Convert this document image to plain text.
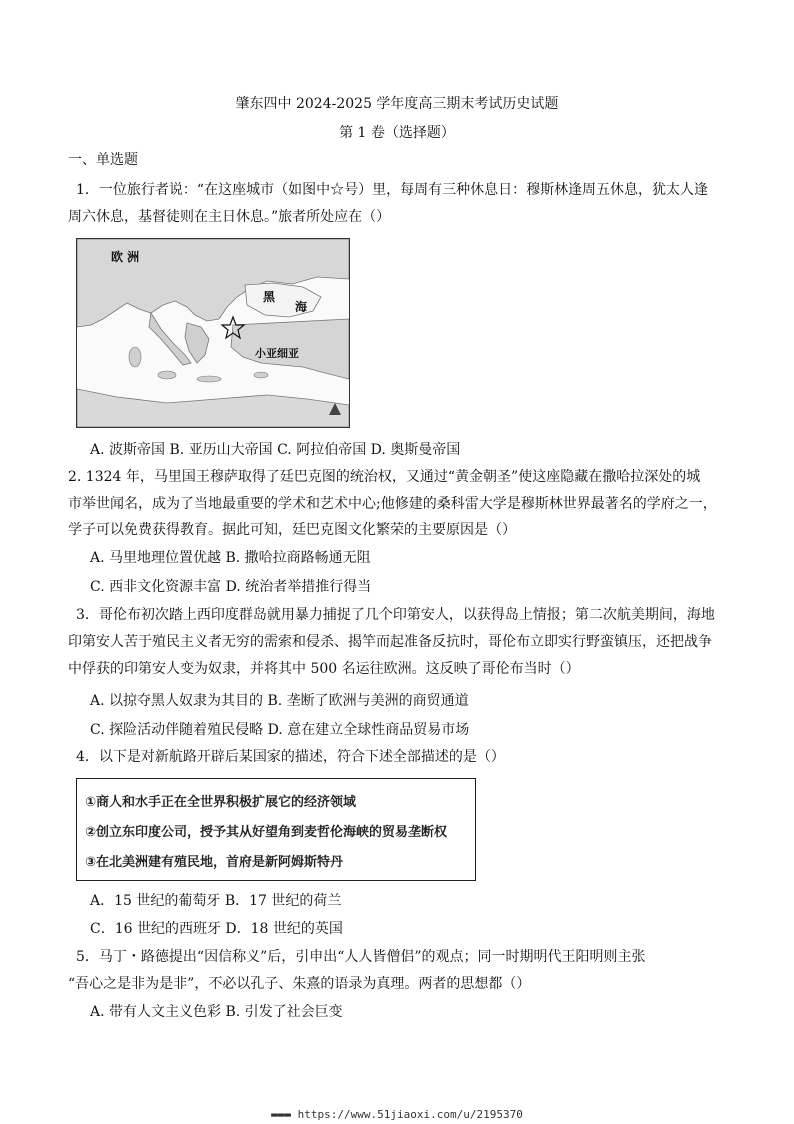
肇东四中 2024-2025 学年度高三期末考试历史试题
第 1 卷（选择题）
一、单选题
1．一位旅行者说：“在这座城市（如图中☆号）里，每周有三种休息日：穆斯林逢周五休息，犹太人逢
周六休息，基督徒则在主日休息。”旅者所处应在（）
欧 洲
黑
海
小亚细亚
A. 波斯帝国 B. 亚历山大帝国 C. 阿拉伯帝国 D. 奥斯曼帝国
2. 1324 年，马里国王穆萨取得了廷巴克图的统治权，又通过“黄金朝圣”使这座隐藏在撒哈拉深处的城
市举世闻名，成为了当地最重要的学术和艺术中心;他修建的桑科雷大学是穆斯林世界最著名的学府之一，
学子可以免费获得教育。据此可知，廷巴克图文化繁荣的主要原因是（）
A. 马里地理位置优越 B. 撒哈拉商路畅通无阻
C. 西非文化资源丰富 D. 统治者举措推行得当
3．哥伦布初次踏上西印度群岛就用暴力捕捉了几个印第安人，以获得岛上情报；第二次航美期间，海地
印第安人苦于殖民主义者无穷的需索和侵杀、揭竿而起准备反抗时，哥伦布立即实行野蛮镇压，还把战争
中俘获的印第安人变为奴隶，并将其中 500 名运往欧洲。这反映了哥伦布当时（）
A. 以掠夺黑人奴隶为其目的 B. 垄断了欧洲与美洲的商贸通道
C. 探险活动伴随着殖民侵略 D. 意在建立全球性商品贸易市场
4．以下是对新航路开辟后某国家的描述，符合下述全部描述的是（）
①商人和水手正在全世界积极扩展它的经济领域
②创立东印度公司，授予其从好望角到麦哲伦海峡的贸易垄断权
③在北美洲建有殖民地，首府是新阿姆斯特丹
A．15 世纪的葡萄牙 B．17 世纪的荷兰
C．16 世纪的西班牙 D．18 世纪的英国
5．马丁・路德提出“因信称义”后，引申出“人人皆僧侣”的观点；同一时期明代王阳明则主张
“吾心之是非为是非”，不必以孔子、朱熹的语录为真理。两者的思想都（）
A. 带有人文主义色彩 B. 引发了社会巨变
▬▬▬ https://www.51jiaoxi.com/u/2195370
